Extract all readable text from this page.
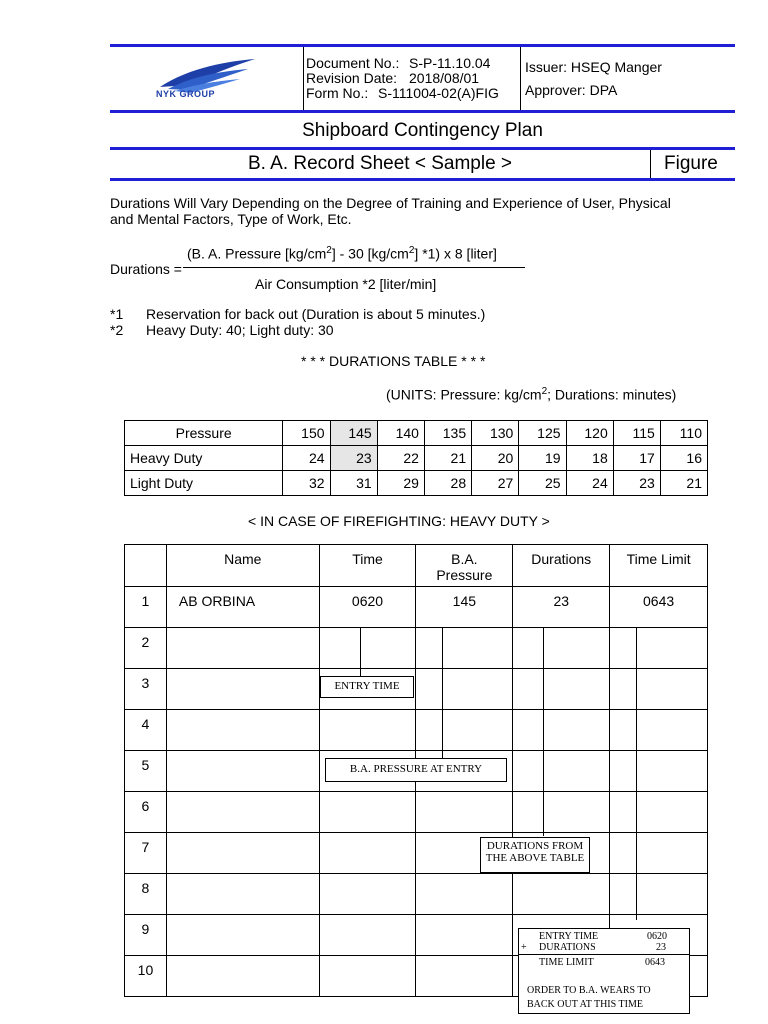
NYK GROUP
Document No.: S-P-11.10.04
Revision Date: 2018/08/01
Form No.: S-111004-02(A)FIG
Issuer: HSEQ Manger
Approver: DPA
Shipboard Contingency Plan
B. A. Record Sheet < Sample >	Figure
Durations Will Vary Depending on the Degree of Training and Experience of User, Physical
and Mental Factors, Type of Work, Etc.
Durations =
(B. A. Pressure $[kg/cm^2] - 30$ $[kg/cm^2]$ *1) x 8 [liter]
Air Consumption *2 [liter/min]
*1 Reservation for back out (Duration is about 5 minutes.)
*2 Heavy Duty: 40; Light duty: 30
* * * DURATIONS TABLE * * *
(UNITS: Pressure: $kg/cm^2$; Durations: minutes)
Pressure	150	145	140	135	130	125	120	115	110
Heavy Duty	24	23	22	21	20	19	18	17	16
Light Duty	32	31	29	28	27	25	24	23	21
< IN CASE OF FIREFIGHTING: HEAVY DUTY >
	Name	Time	B.A. Pressure	Durations	Time Limit
1	AB ORBINA	0620	145	23	0643
2					
3					
4					
5					
6					
7					
8					
9					
10					
ENTRY TIME
B.A. PRESSURE AT ENTRY
DURATIONS FROM
THE ABOVE TABLE
ENTRY TIME	0620
+ DURATIONS	23
TIME LIMIT	0643
ORDER TO B.A. WEARS TO
BACK OUT AT THIS TIME
